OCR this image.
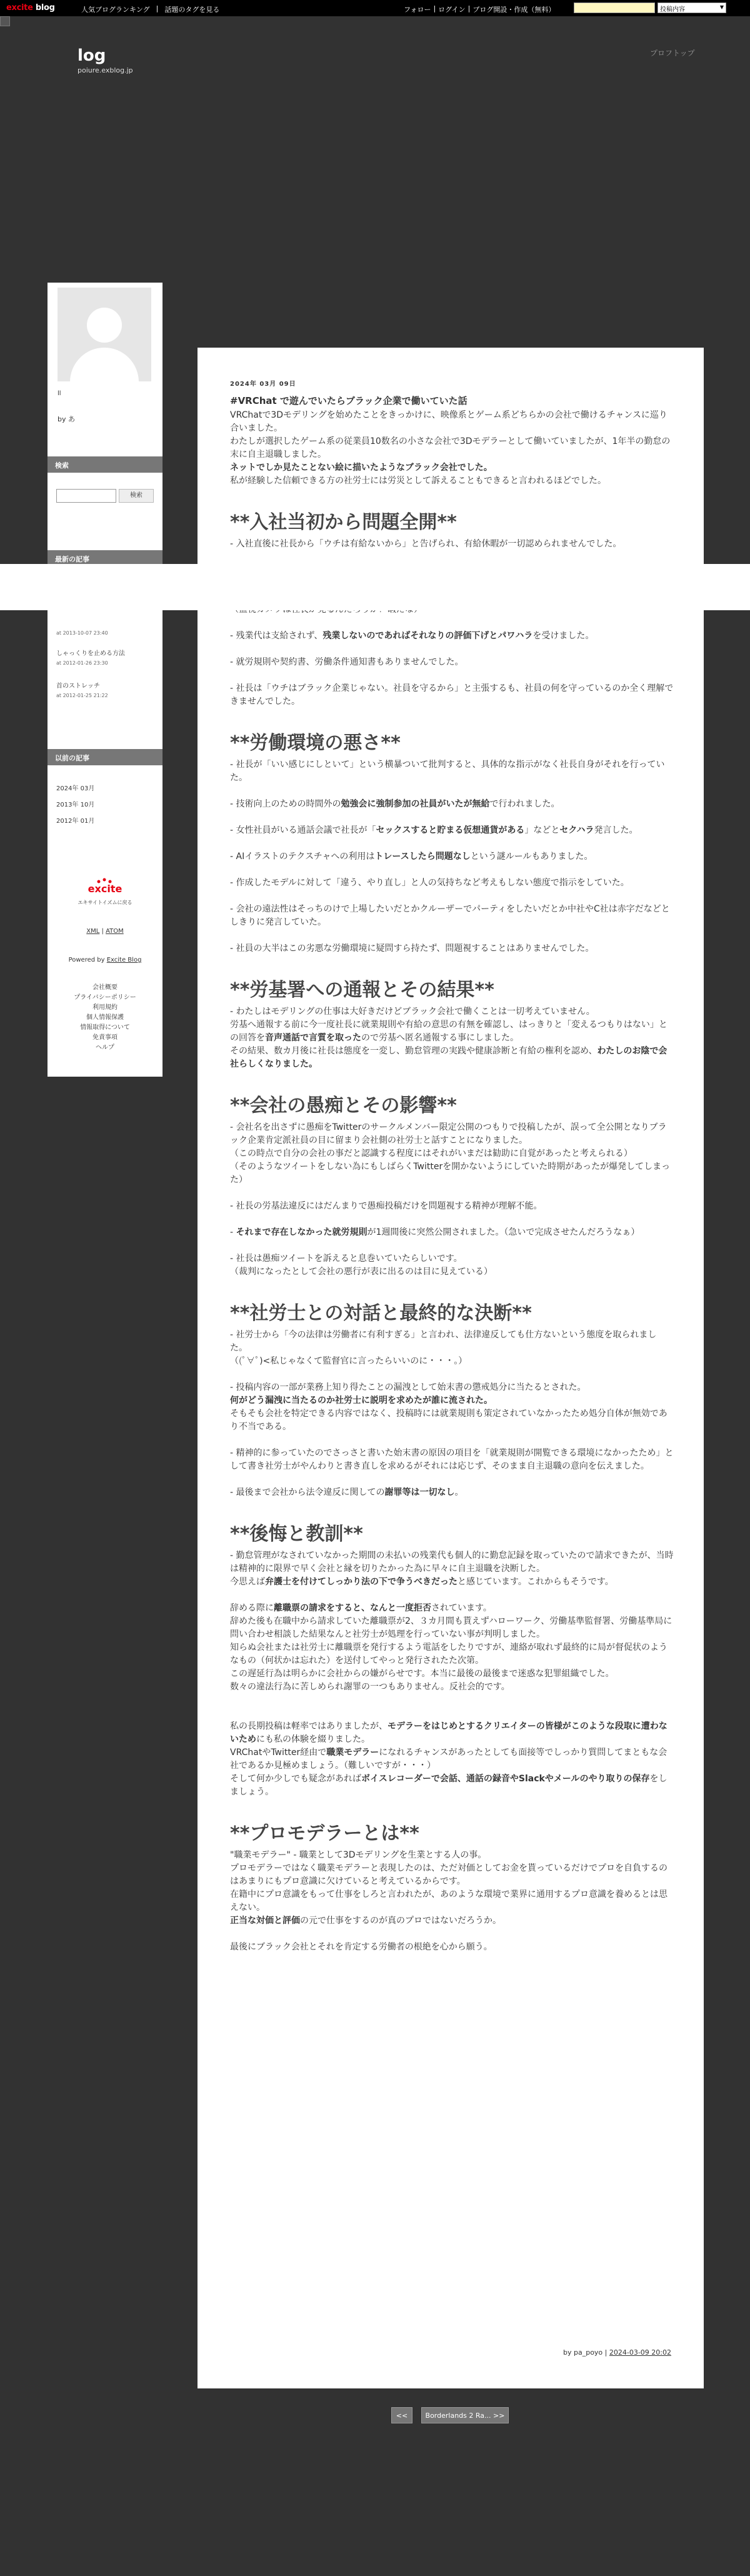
excite blog	人気ブログランキング | 話題のタグを見る	フォロー | ログイン | ブログ開設・作成（無料）	投稿内容 ▼
log
poiure.exblog.jp
プロフトップ
ll
by あ
検索
検索
最新の記事
at 2013-10-07 23:40
しゃっくりを止める方法
at 2012-01-26 23:30
首のストレッチ
at 2012-01-25 21:22
以前の記事
2024年 03月
2013年 10月
2012年 01月
excite
エキサイトイズムに戻る
XML | ATOM
Powered by Excite Blog
会社概要
プライバシーポリシー
利用規約
個人情報保護
情報取得について
免責事項
ヘルプ
2024年 03月 09日
#VRChat で遊んでいたらブラック企業で働いていた話

VRChatで3Dモデリングを始めたことをきっかけに、映像系とゲーム系どちらかの会社で働けるチャンスに巡り合いました。

わたしが選択したゲーム系の従業員10数名の小さな会社で3Dモデラーとして働いていましたが、1年半の勤怠の末に自主退職しました。

ネットでしか見たことない絵に描いたようなブラック会社でした。

私が経験した信頼できる方の社労士には労災として訴えることもできると言われるほどでした。

**入社当初から問題全開**

- 入社直後に社長から「ウチは有給ないから」と告げられ、有給休暇が一切認められませんでした。

- 残業代は支給されず、残業しないのであればそれなりの評価下げとパワハラを受けました。

- 就労規則や契約書、労働条件通知書もありませんでした。

- 社長は「ウチはブラック企業じゃない。社員を守るから」と主張するも、社員の何を守っているのか全く理解できませんでした。

**労働環境の悪さ**

- 社長が「いい感じにしといて」という横暴ついて批判すると、具体的な指示がなく社長自身がそれを行っていた。

- 技術向上のための時間外の勉強会に強制参加の社員がいたが無給で行われました。

- 女性社員がいる通話会議で社長が「セックスすると貯まる仮想通貨がある」などとセクハラ発言した。

- AIイラストのテクスチャへの利用はトレースしたら問題なしという謎ルールもありました。

- 作成したモデルに対して「違う、やり直し」と人の気持ちなど考えもしない態度で指示をしていた。

- 会社の遠法性はそっちのけで上場したいだとかクルーザーでパーティをしたいだとか中社やC社は赤字だなどとしきりに発言していた。

- 社員の大半はこの劣悪な労働環境に疑問すら持たず、問題視することはありませんでした。

**労基署への通報とその結果**

- わたしはモデリングの仕事は大好きだけどブラック会社で働くことは一切考えていません。

労基へ通報する前に今一度社長に就業規則や有給の意思の有無を確認し、はっきりと「変えるつもりはない」との回答を音声通話で言質を取ったので労基へ匿名通報する事にしました。

その結果、数カ月後に社長は態度を一変し、勤怠管理の実践や健康診断と有給の権利を認め、わたしのお陰で会社らしくなりました。

**会社の愚痴とその影響**

- 会社名を出さずに愚痴をTwitterのサークルメンバー限定公開のつもりで投稿したが、誤って全公開となりブラック企業肯定派社員の目に留まり会社側の社労士と話すことになりました。

（この時点で自分の会社の事だと認識する程度にはそれがいまだは勧助に自覚があったと考えられる）

（そのようなツイートをしない為にもしばらくTwitterを開かないようにしていた時期があったが爆発してしまった）

- 社長の労基法違反にはだんまりで愚痴投稿だけを問題視する精神が理解不能。

- それまで存在しなかった就労規則が1週間後に突然公開されました。（急いで完成させたんだろうなぁ）

- 社長は愚痴ツイートを訴えると息巻いていたらしいです。

（裁判になったとして会社の悪行が表に出るのは目に見えている）

**社労士との対話と最終的な決断**

- 社労士から「今の法律は労働者に有利すぎる」と言われ、法律違反しても仕方ないという態度を取られました。

（(ﾟ∀ﾟ)<私じゃなくて監督官に言ったらいいのに・・・。）

- 投稿内容の一部が業務上知り得たことの漏洩として始末書の懲戒処分に当たるとされた。

何がどう漏洩に当たるのか社労士に説明を求めたが誰に流された。

そもそも会社を特定できる内容ではなく、投稿時には就業規則も策定されていなかったため処分自体が無効であり不当である。

- 精神的に参っていたのでさっさと書いた始末書の原因の項目を「就業規則が開覧できる環境になかったため」として書き社労士がやんわりと書き直しを求めるがそれには応じず、そのまま自主退職の意向を伝えました。

- 最後まで会社から法令違反に関しての謝罪等は一切なし。

**後悔と教訓**

- 勤怠管理がなされていなかった期間の未払いの残業代も個人的に勤怠記録を取っていたので請求できたが、当時は精神的に限界で早く会社と縁を切りたかった為に早々に自主退職を決断した。

今思えば弁護士を付けてしっかり法の下で争うべきだったと感じています。これからもそうです。

辞める際に離職票の請求をすると、なんと一度拒否されています。

辞めた後も在職中から請求していた離職票が2、３カ月間も貰えずハローワーク、労働基準監督署、労働基準局に問い合わせ相談した結果なんと社労士が処理を行っていない事が判明しました。

知らぬ会社または社労士に離職票を発行するよう電話をしたりですが、連絡が取れず最終的に局が督促状のようなもの（何状かは忘れた）を送付してやっと発行されたた次第。

この遅延行為は明らかに会社からの嫌がらせです。本当に最後の最後まで迷惑な犯罪組織でした。

数々の違法行為に苦しめられ謝罪の一つもありません。反社会的です。

私の長期投稿は軽率ではありましたが、モデラーをはじめとするクリエイターの皆様がこのような段取に遭わないためにも私の体験を綴りました。

VRChatやTwitter経由で職業モデラーになれるチャンスがあったとしても面接等でしっかり質問してまともな会社であるか見極めましょう。（難しいですが・・・）

そして何か少しでも疑念があればボイスレコーダーで会話、通話の録音やSlackやメールのやり取りの保存をしましょう。

**プロモデラーとは**

"職業モデラー" - 職業として3Dモデリングを生業とする人の事。

プロモデラーではなく職業モデラーと表現したのは、ただ対価としてお金を貰っているだけでプロを自負するのはあまりにもプロ意識に欠けていると考えているからです。

在籍中にプロ意識をもって仕事をしろと言われたが、あのような環境で業界に通用するプロ意識を養めるとは思えない。

正当な対価と評価の元で仕事をするのが真のプロではないだろうか。

最後にブラック会社とそれを肯定する労働者の根絶を心から願う。

by pa_poyo | 2024-03-09 20:02
<<	Borderlands 2 Ra... >>
